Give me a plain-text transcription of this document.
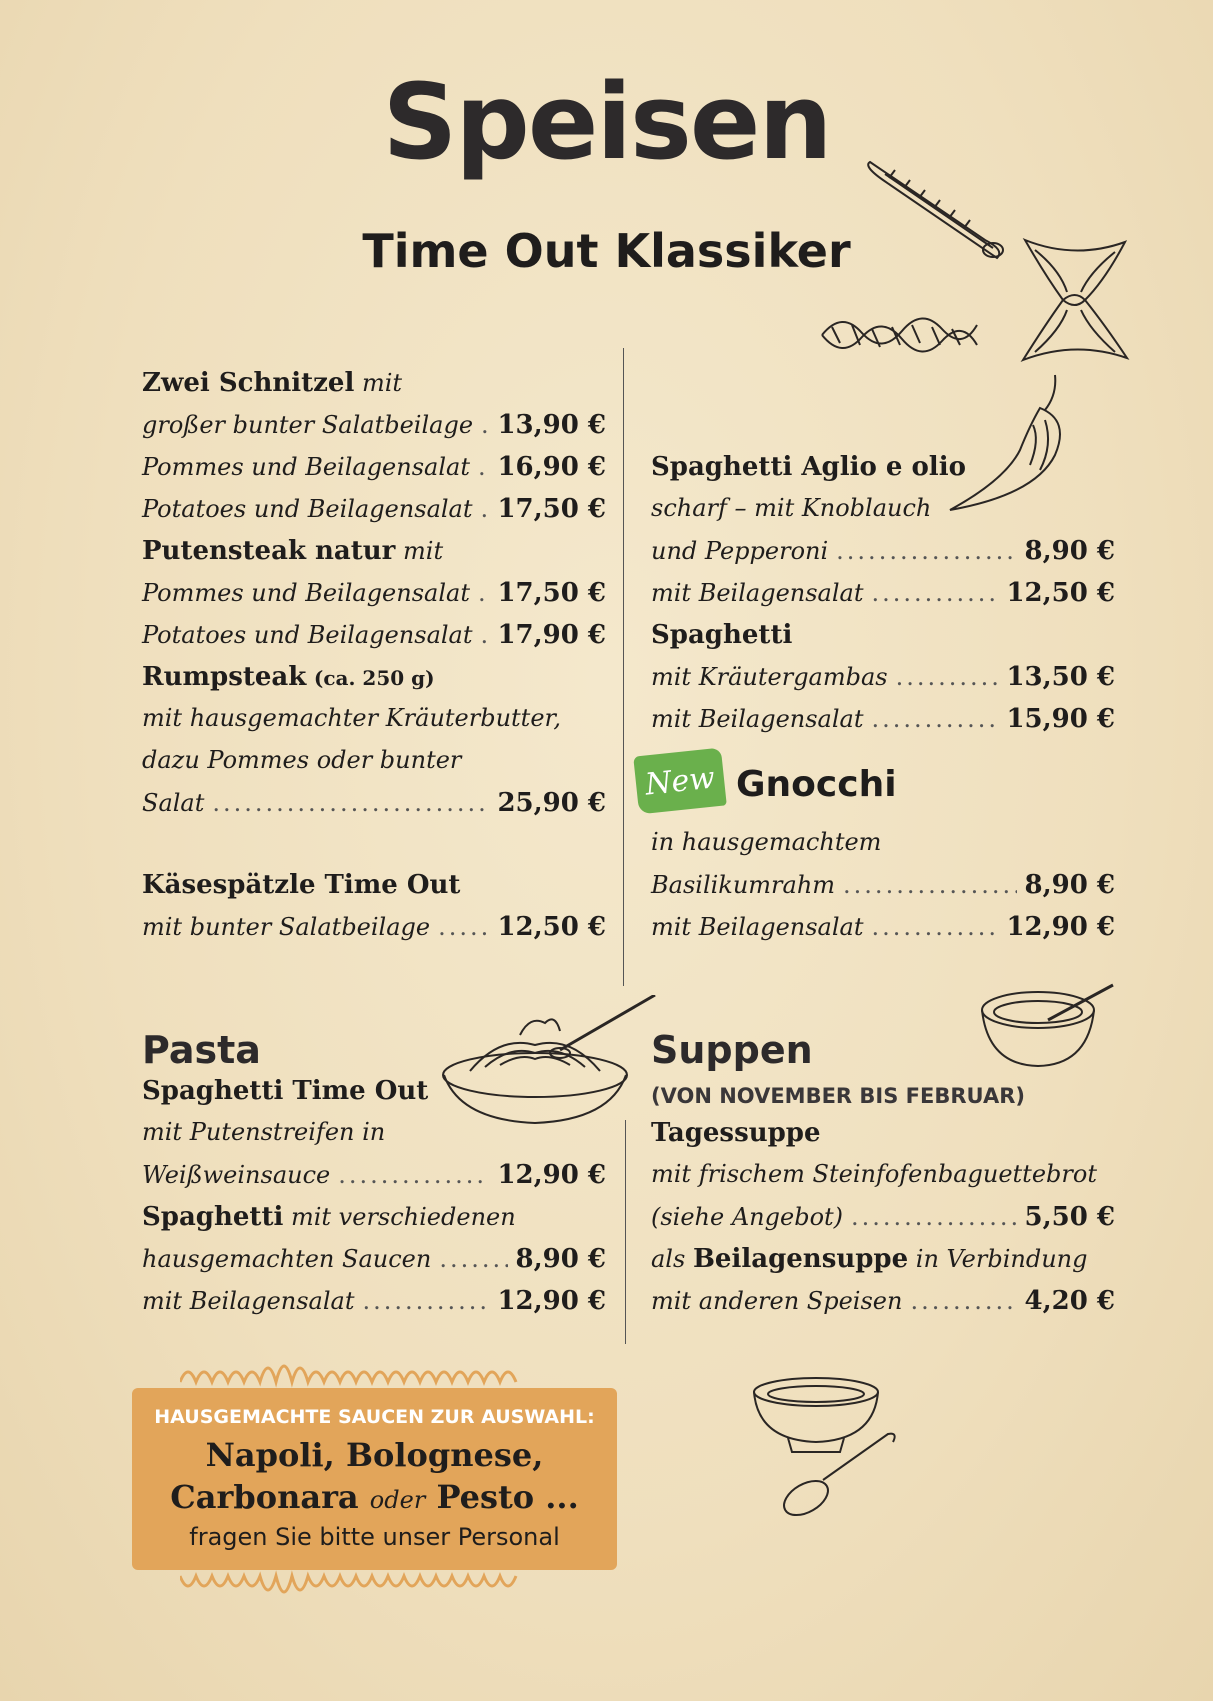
Speisen
Time Out Klassiker
Zwei Schnitzel
mit
großer bunter Salatbeilage ..... 13,90 €
Pommes und Beilagensalat ..... 16,90 €
Potatoes und Beilagensalat ..... 17,50 €
Putensteak natur
mit
Pommes und Beilagensalat ..... 17,50 €
Potatoes und Beilagensalat ..... 17,90 €
Rumpsteak
(ca. 250 g)
mit hausgemachter Kräuterbutter,
dazu Pommes oder bunter
Salat .....	25,90 €
Käsespätzle Time Out
mit bunter Salatbeilage .....	12,50 €
Spaghetti Aglio e olio
scharf – mit Knoblauch
und Pepperoni .....	8,90 €
mit Beilagensalat .....	12,50 €
Spaghetti
mit Kräutergambas .....	13,50 €
mit Beilagensalat .....	15,90 €
New Gnocchi
in hausgemachtem
Basilikumrahm .....	8,90 €
mit Beilagensalat .....	12,90 €
Pasta
Spaghetti Time Out
mit Putenstreifen in
Weißweinsauce .....	12,90 €
Spaghetti
mit verschiedenen
hausgemachten Saucen .....	8,90 €
mit Beilagensalat .....	12,90 €
Suppen
(VON NOVEMBER BIS FEBRUAR)
Tagessuppe
mit frischem Steinfofenbaguettebrot
(siehe Angebot) .....	5,50 €
als
Beilagensuppe
in Verbindung
mit anderen Speisen .....	4,20 €
HAUSGEMACHTE SAUCEN ZUR AUSWAHL:
Napoli, Bolognese,
Carbonara oder Pesto ...
fragen Sie bitte unser Personal
